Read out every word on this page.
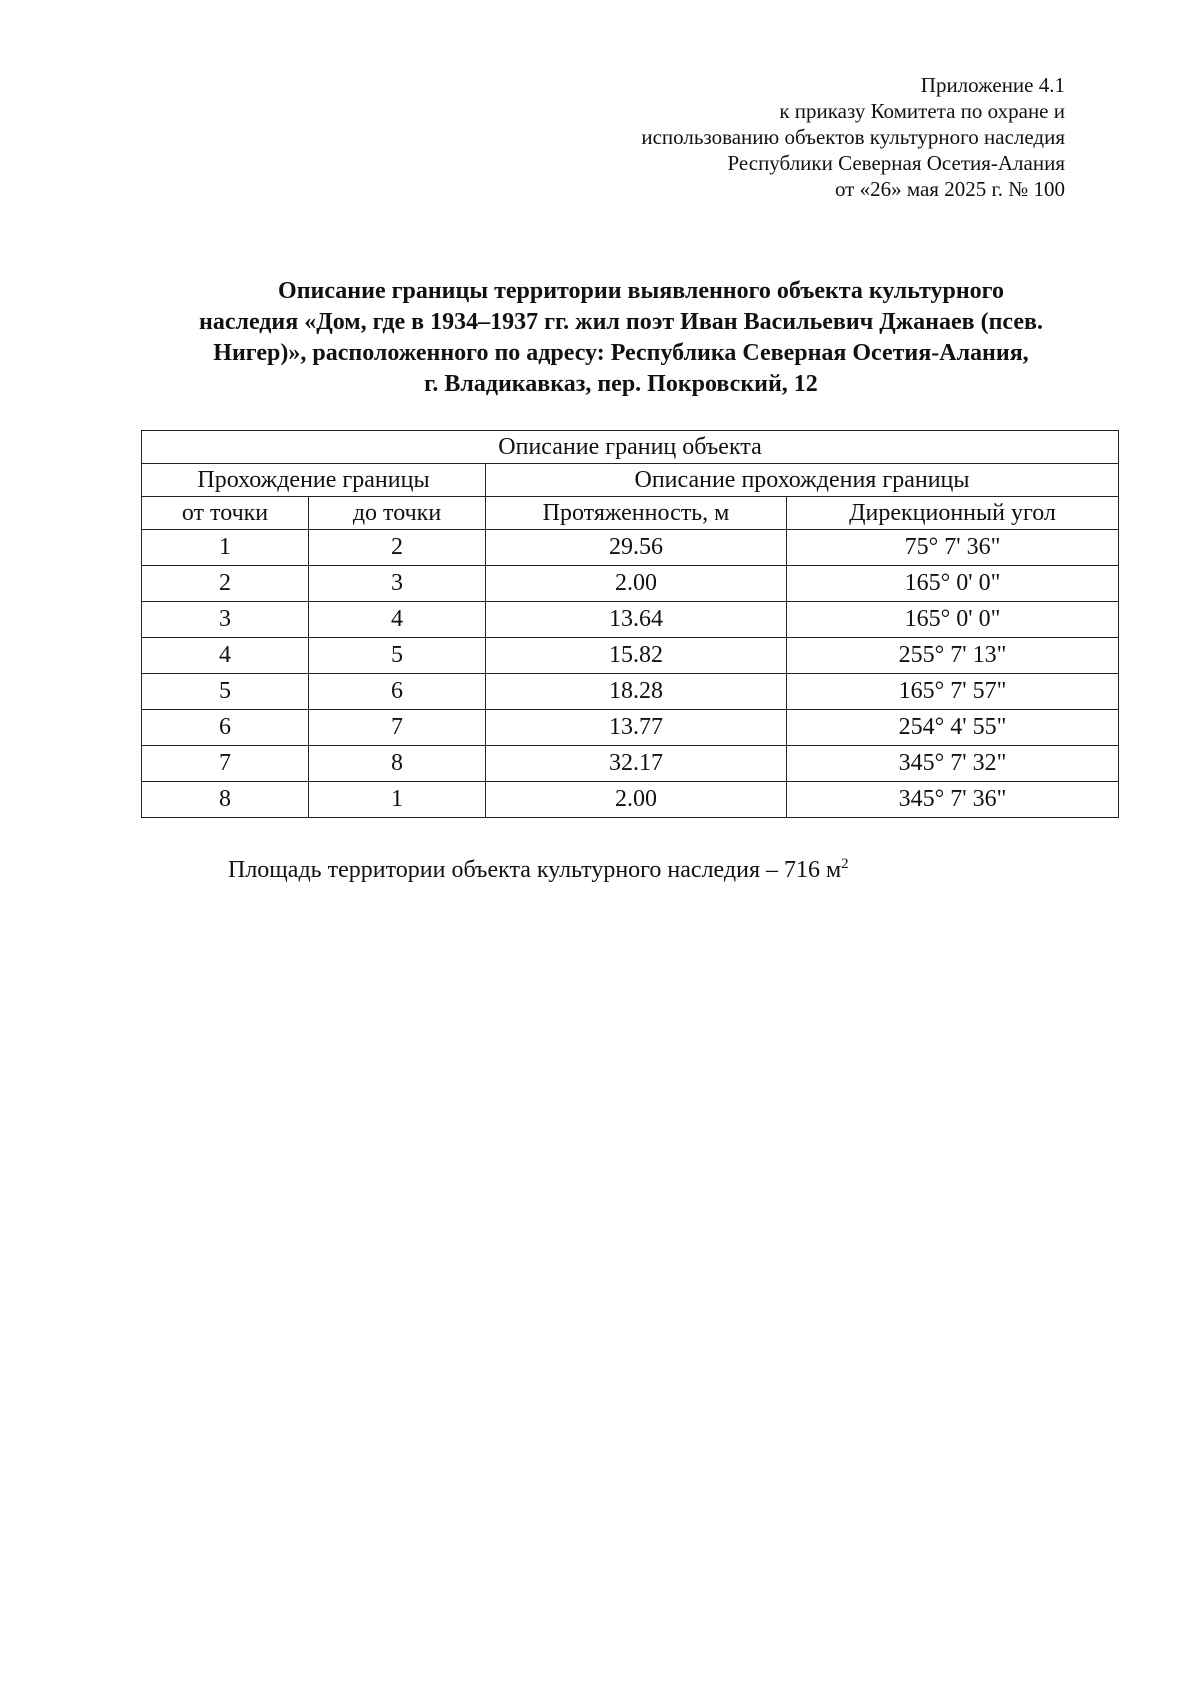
Приложение 4.1
к приказу Комитета по охране и
использованию объектов культурного наследия
Республики Северная Осетия-Алания
от «26» мая 2025 г. № 100
Описание границы территории выявленного объекта культурного
наследия «Дом, где в 1934–1937 гг. жил поэт Иван Васильевич Джанаев (псев.
Нигер)», расположенного по адресу: Республика Северная Осетия-Алания,
г. Владикавказ, пер. Покровский, 12
Описание границ объекта			
Прохождение границы		Описание прохождения границы	
от точки	до точки	Протяженность, м	Дирекционный угол
1	2	29.56	75° 7' 36"
2	3	2.00	165° 0' 0"
3	4	13.64	165° 0' 0"
4	5	15.82	255° 7' 13"
5	6	18.28	165° 7' 57"
6	7	13.77	254° 4' 55"
7	8	32.17	345° 7' 32"
8	1	2.00	345° 7' 36"
Площадь территории объекта культурного наследия – 716 $м^2$
